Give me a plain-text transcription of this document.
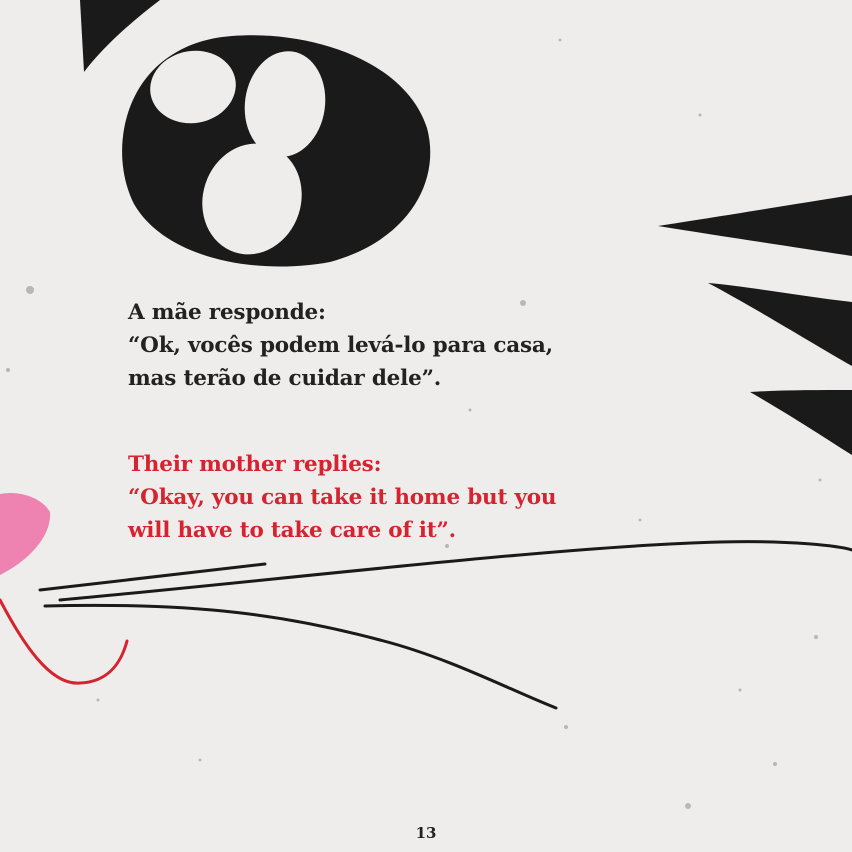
A mãe responde:
“Ok, vocês podem levá-lo para casa,
mas terão de cuidar dele”.
Their mother replies:
“Okay, you can take it home but you
will have to take care of it”.
13
